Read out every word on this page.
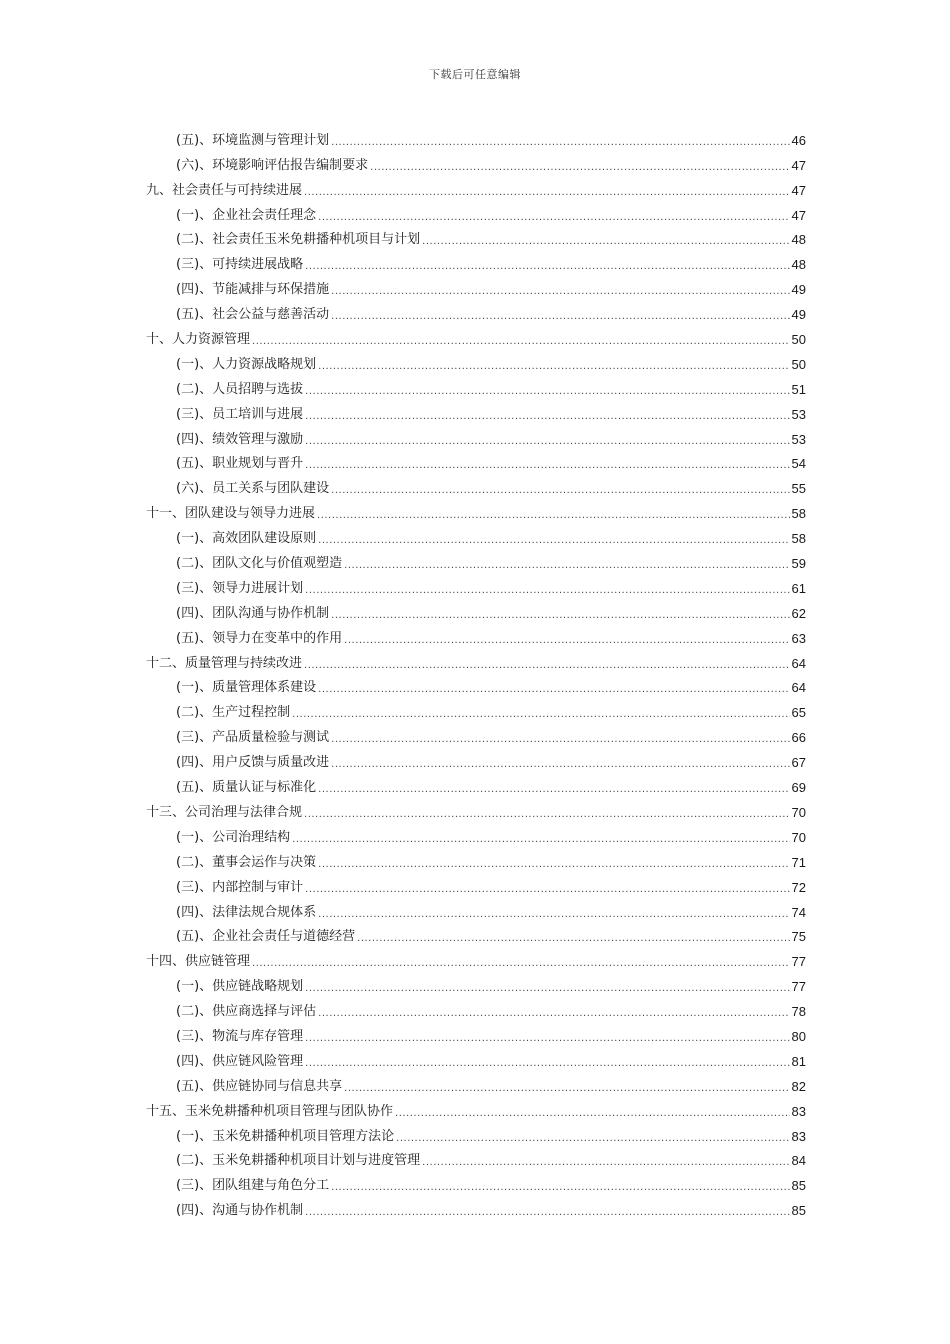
下载后可任意编辑
(五)、环境监测与管理计划 .....	46
(六)、环境影响评估报告编制要求 .....	47
九、社会责任与可持续进展 .....	47
(一)、企业社会责任理念 .....	47
(二)、社会责任玉米免耕播种机项目与计划 .....	48
(三)、可持续进展战略 .....	48
(四)、节能减排与环保措施 .....	49
(五)、社会公益与慈善活动 .....	49
十、人力资源管理 .....	50
(一)、人力资源战略规划 .....	50
(二)、人员招聘与选拔 .....	51
(三)、员工培训与进展 .....	53
(四)、绩效管理与激励 .....	53
(五)、职业规划与晋升 .....	54
(六)、员工关系与团队建设 .....	55
十一、团队建设与领导力进展 .....	58
(一)、高效团队建设原则 .....	58
(二)、团队文化与价值观塑造 .....	59
(三)、领导力进展计划 .....	61
(四)、团队沟通与协作机制 .....	62
(五)、领导力在变革中的作用 .....	63
十二、质量管理与持续改进 .....	64
(一)、质量管理体系建设 .....	64
(二)、生产过程控制 .....	65
(三)、产品质量检验与测试 .....	66
(四)、用户反馈与质量改进 .....	67
(五)、质量认证与标准化 .....	69
十三、公司治理与法律合规 .....	70
(一)、公司治理结构 .....	70
(二)、董事会运作与决策 .....	71
(三)、内部控制与审计 .....	72
(四)、法律法规合规体系 .....	74
(五)、企业社会责任与道德经营 .....	75
十四、供应链管理 .....	77
(一)、供应链战略规划 .....	77
(二)、供应商选择与评估 .....	78
(三)、物流与库存管理 .....	80
(四)、供应链风险管理 .....	81
(五)、供应链协同与信息共享 .....	82
十五、玉米免耕播种机项目管理与团队协作 .....	83
(一)、玉米免耕播种机项目管理方法论 .....	83
(二)、玉米免耕播种机项目计划与进度管理 .....	84
(三)、团队组建与角色分工 .....	85
(四)、沟通与协作机制 .....	85
